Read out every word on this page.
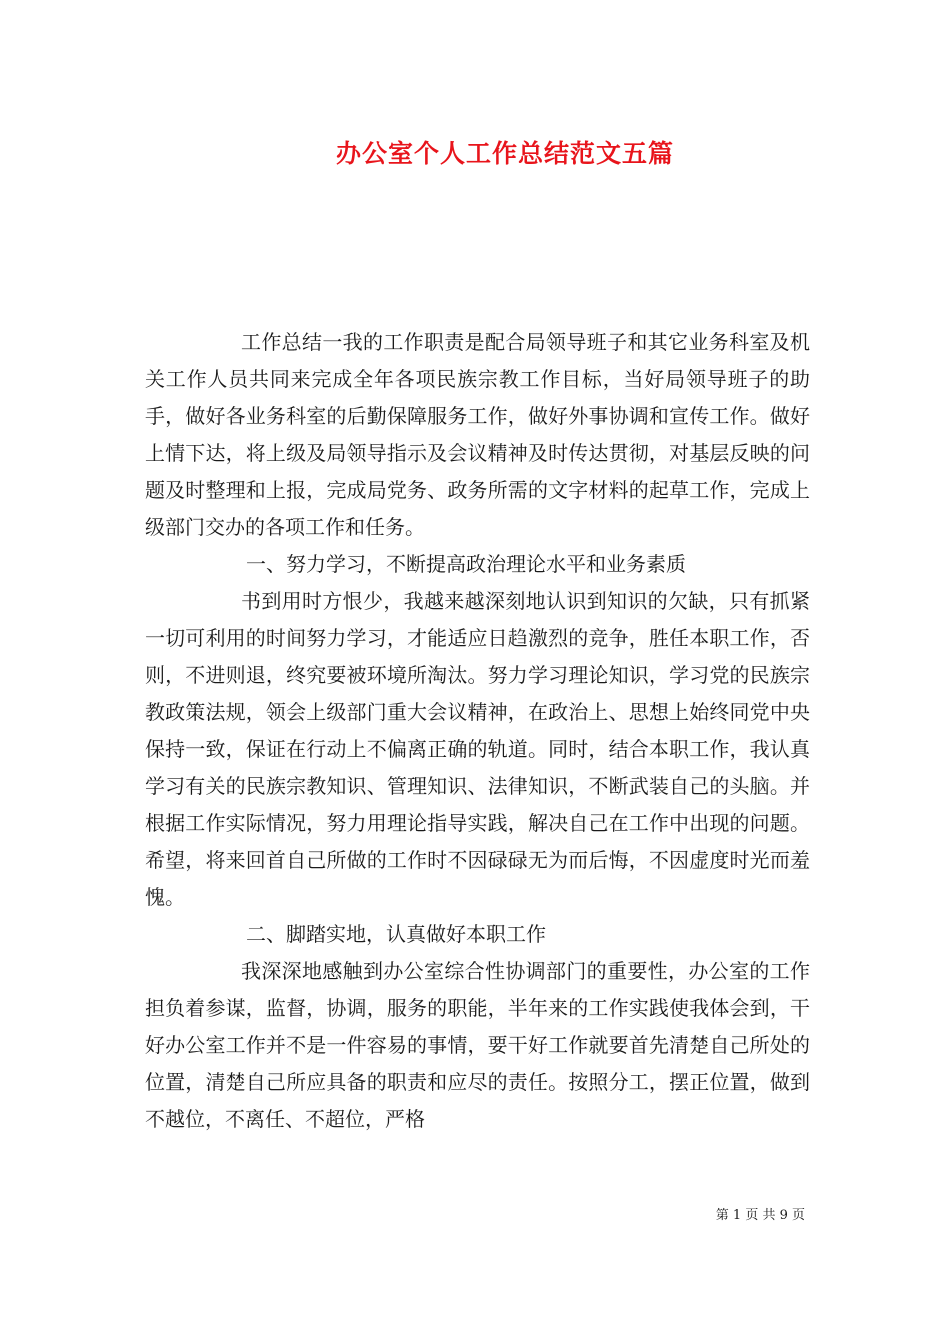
办公室个人工作总结范文五篇

工作总结一我的工作职责是配合局领导班子和其它业务科室及机关工作人员共同来完成全年各项民族宗教工作目标，当好局领导班子的助手，做好各业务科室的后勤保障服务工作，做好外事协调和宣传工作。做好上情下达，将上级及局领导指示及会议精神及时传达贯彻，对基层反映的问题及时整理和上报，完成局党务、政务所需的文字材料的起草工作，完成上级部门交办的各项工作和任务。

一、努力学习，不断提高政治理论水平和业务素质

书到用时方恨少，我越来越深刻地认识到知识的欠缺，只有抓紧一切可利用的时间努力学习，才能适应日趋激烈的竞争，胜任本职工作，否则，不进则退，终究要被环境所淘汰。努力学习理论知识，学习党的民族宗教政策法规，领会上级部门重大会议精神，在政治上、思想上始终同党中央保持一致，保证在行动上不偏离正确的轨道。同时，结合本职工作，我认真学习有关的民族宗教知识、管理知识、法律知识，不断武装自己的头脑。并根据工作实际情况，努力用理论指导实践，解决自己在工作中出现的问题。希望，将来回首自己所做的工作时不因碌碌无为而后悔，不因虚度时光而羞愧。

二、脚踏实地，认真做好本职工作

我深深地感触到办公室综合性协调部门的重要性，办公室的工作担负着参谋，监督，协调，服务的职能，半年来的工作实践使我体会到，干好办公室工作并不是一件容易的事情，要干好工作就要首先清楚自己所处的位置，清楚自己所应具备的职责和应尽的责任。按照分工，摆正位置，做到不越位，不离任、不超位，严格

第 1 页 共 9 页
